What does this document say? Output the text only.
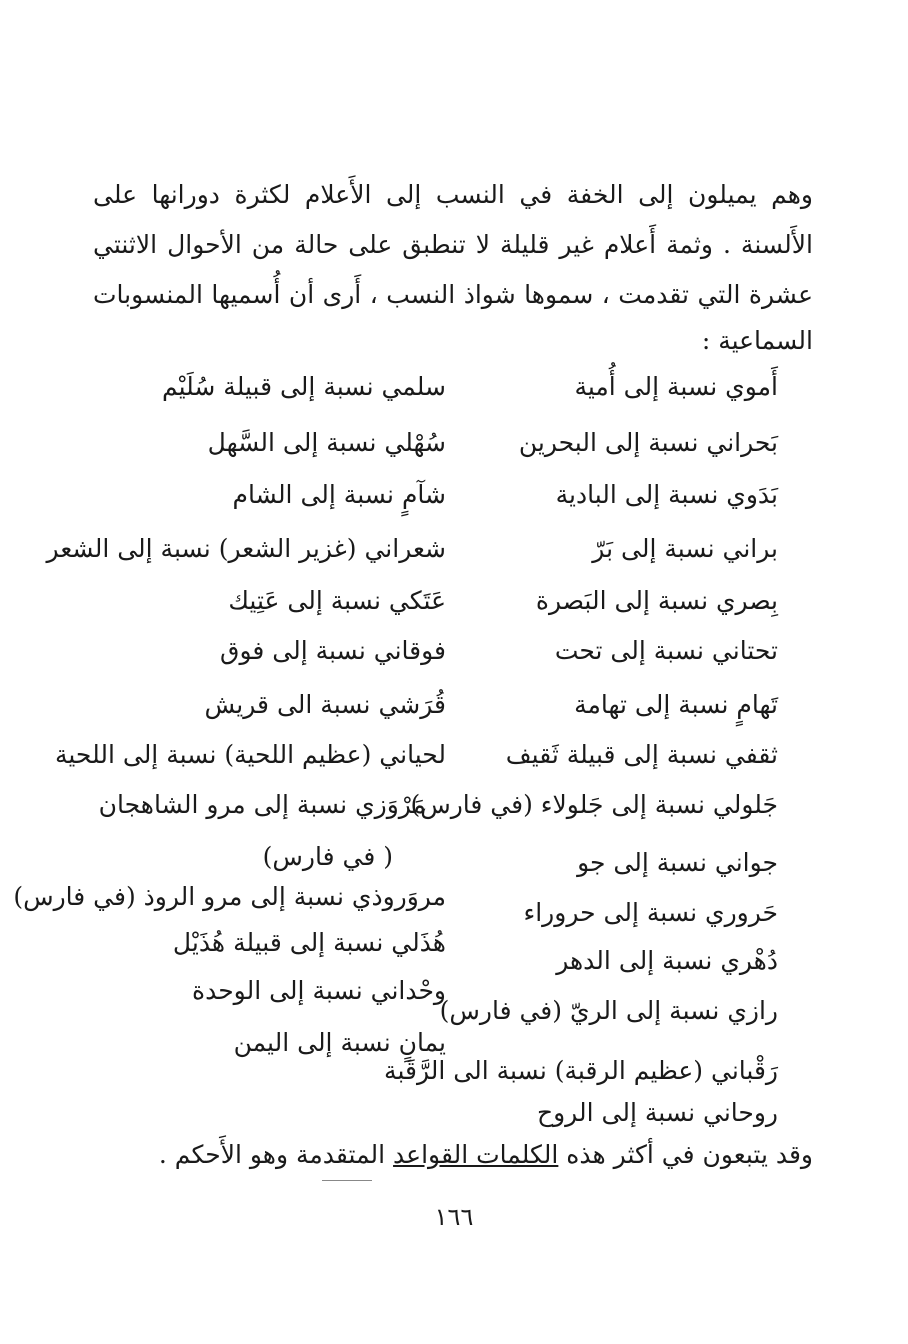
وهم يميلون إلى الخفة في النسب إلى الأَعلام لكثرة دورانها على
الأَلسنة . وثمة أَعلام غير قليلة لا تنطبق على حالة من الأحوال الاثنتي
عشرة التي تقدمت ، سموها شواذ النسب ، أَرى أن أُسميها المنسوبات
السماعية :
أَموي نسبة إلى أُمية
بَحراني نسبة إلى البحرين
بَدَوي نسبة إلى البادية
براني نسبة إلى بَرّ
بِصري نسبة إلى البَصرة
تحتاني نسبة إلى تحت
تَهامٍ نسبة إلى تهامة
ثقفي نسبة إلى قبيلة ثَقيف
جَلولي نسبة إلى جَلولاء (في فارس)
جواني نسبة إلى جو
حَروري نسبة إلى حروراء
دُهْري نسبة إلى الدهر
رازي نسبة إلى الريّ (في فارس)
رَقْباني (عظيم الرقبة) نسبة الى الرَّقَبة
روحاني نسبة إلى الروح
سلمي نسبة إلى قبيلة سُلَيْم
سُهْلي نسبة إلى السَّهل
شآمٍ نسبة إلى الشام
شعراني (غزير الشعر) نسبة إلى الشعر
عَتَكي نسبة إلى عَتِيك
فوقاني نسبة إلى فوق
قُرَشي نسبة الى قريش
لحياني (عظيم اللحية) نسبة إلى اللحية
مَرْوَزي نسبة إلى مرو الشاهجان
( في فارس)
مروَروذي نسبة إلى مرو الروذ (في فارس)
هُذَلي نسبة إلى قبيلة هُذَيْل
وحْداني نسبة إلى الوحدة
يمانٍ نسبة إلى اليمن
وقد يتبعون في أكثر هذه الكلمات القواعد المتقدمة وهو الأَحكم .
١٦٦
